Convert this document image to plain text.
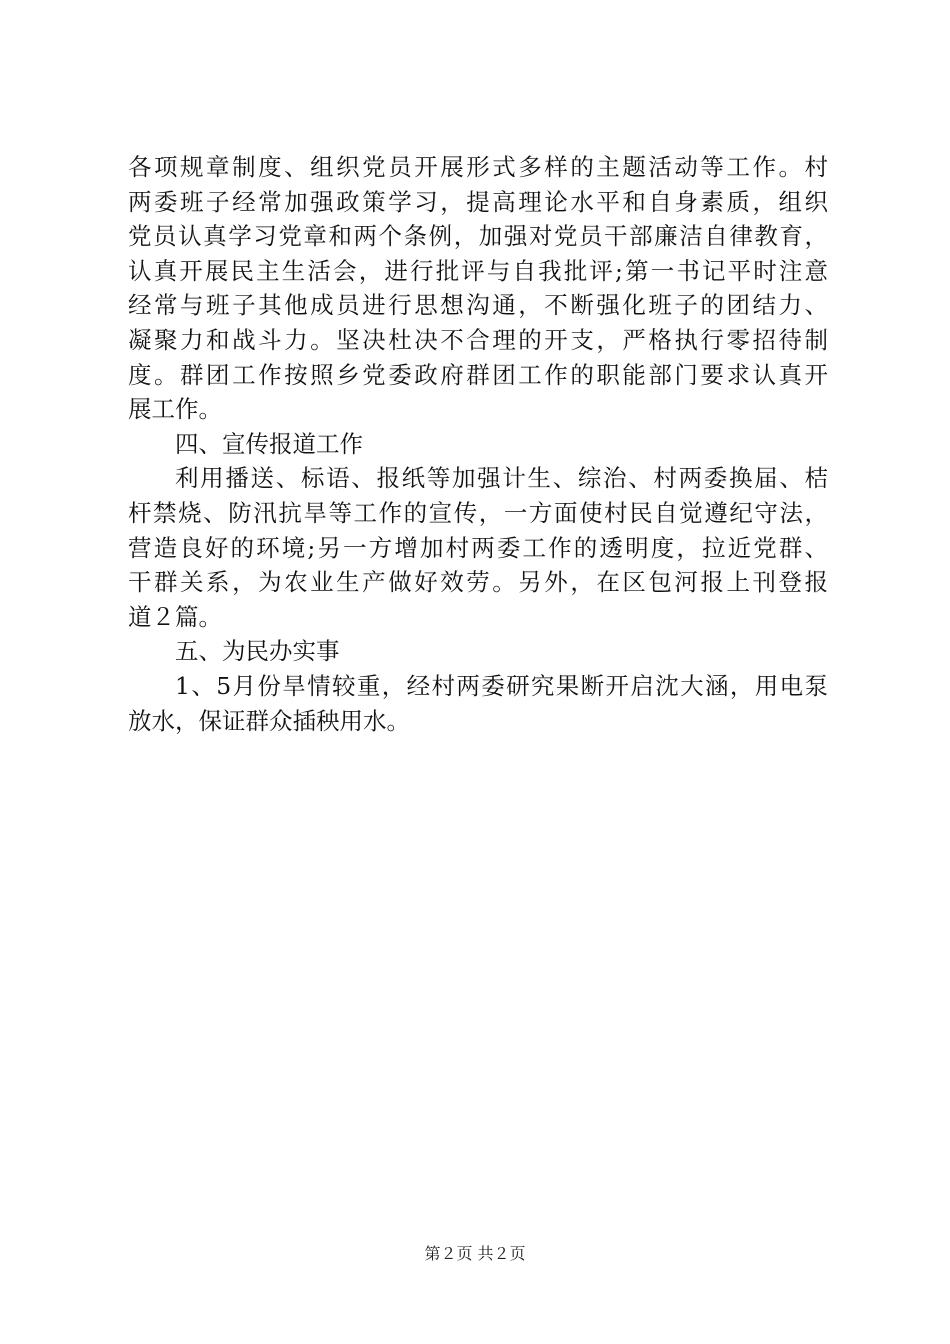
各项规章制度、组织党员开展形式多样的主题活动等工作。村
两委班子经常加强政策学习，提高理论水平和自身素质，组织
党员认真学习党章和两个条例，加强对党员干部廉洁自律教育，
认真开展民主生活会，进行批评与自我批评;第一书记平时注意
经常与班子其他成员进行思想沟通，不断强化班子的团结力、
凝聚力和战斗力。坚决杜决不合理的开支，严格执行零招待制
度。群团工作按照乡党委政府群团工作的职能部门要求认真开
展工作。
四、宣传报道工作
利用播送、标语、报纸等加强计生、综治、村两委换届、桔
杆禁烧、防汛抗旱等工作的宣传，一方面使村民自觉遵纪守法，
营造良好的环境;另一方增加村两委工作的透明度，拉近党群、
干群关系，为农业生产做好效劳。另外，在区包河报上刊登报
道２篇。
五、为民办实事
1、5月份旱情较重，经村两委研究果断开启沈大涵，用电泵
放水，保证群众插秧用水。
第２页 共２页
